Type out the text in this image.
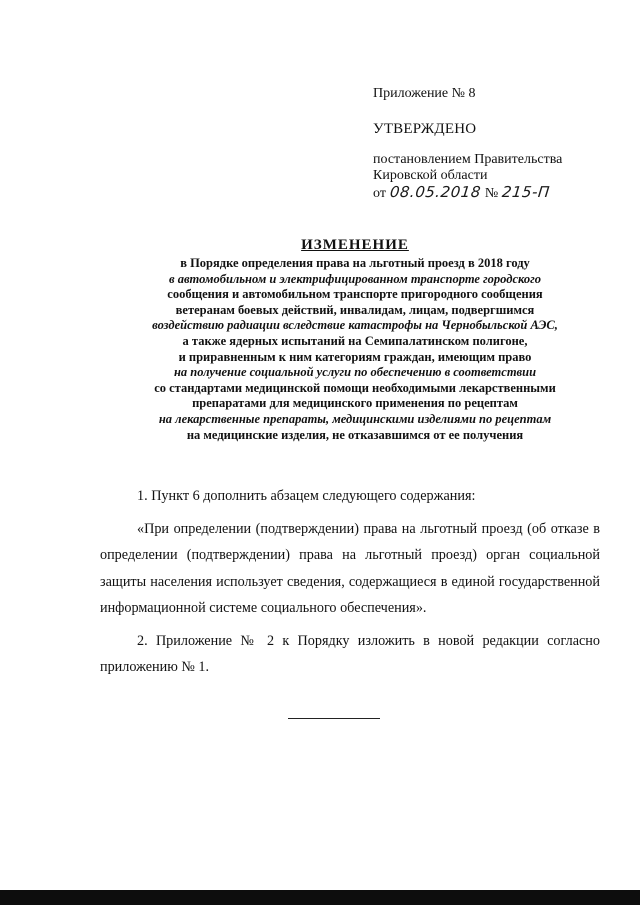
Приложение № 8
УТВЕРЖДЕНО
постановлением Правительства
Кировской области
от 08.05.2018 № 215-П
ИЗМЕНЕНИЕ
в Порядке определения права на льготный проезд в 2018 году
в автомобильном и электрифицированном транспорте городского
сообщения и автомобильном транспорте пригородного сообщения
ветеранам боевых действий, инвалидам, лицам, подвергшимся
воздействию радиации вследствие катастрофы на Чернобыльской АЭС,
а также ядерных испытаний на Семипалатинском полигоне,
и приравненным к ним категориям граждан, имеющим право
на получение социальной услуги по обеспечению в соответствии
со стандартами медицинской помощи необходимыми лекарственными
препаратами для медицинского применения по рецептам
на лекарственные препараты, медицинскими изделиями по рецептам
на медицинские изделия, не отказавшимся от ее получения

1. Пункт 6 дополнить абзацем следующего содержания:

«При определении (подтверждении) права на льготный проезд (об отказе в определении (подтверждении) права на льготный проезд) орган социальной защиты населения использует сведения, содержащиеся в единой государственной информационной системе социального обеспечения».

2. Приложение № 2 к Порядку изложить в новой редакции согласно приложению № 1.
